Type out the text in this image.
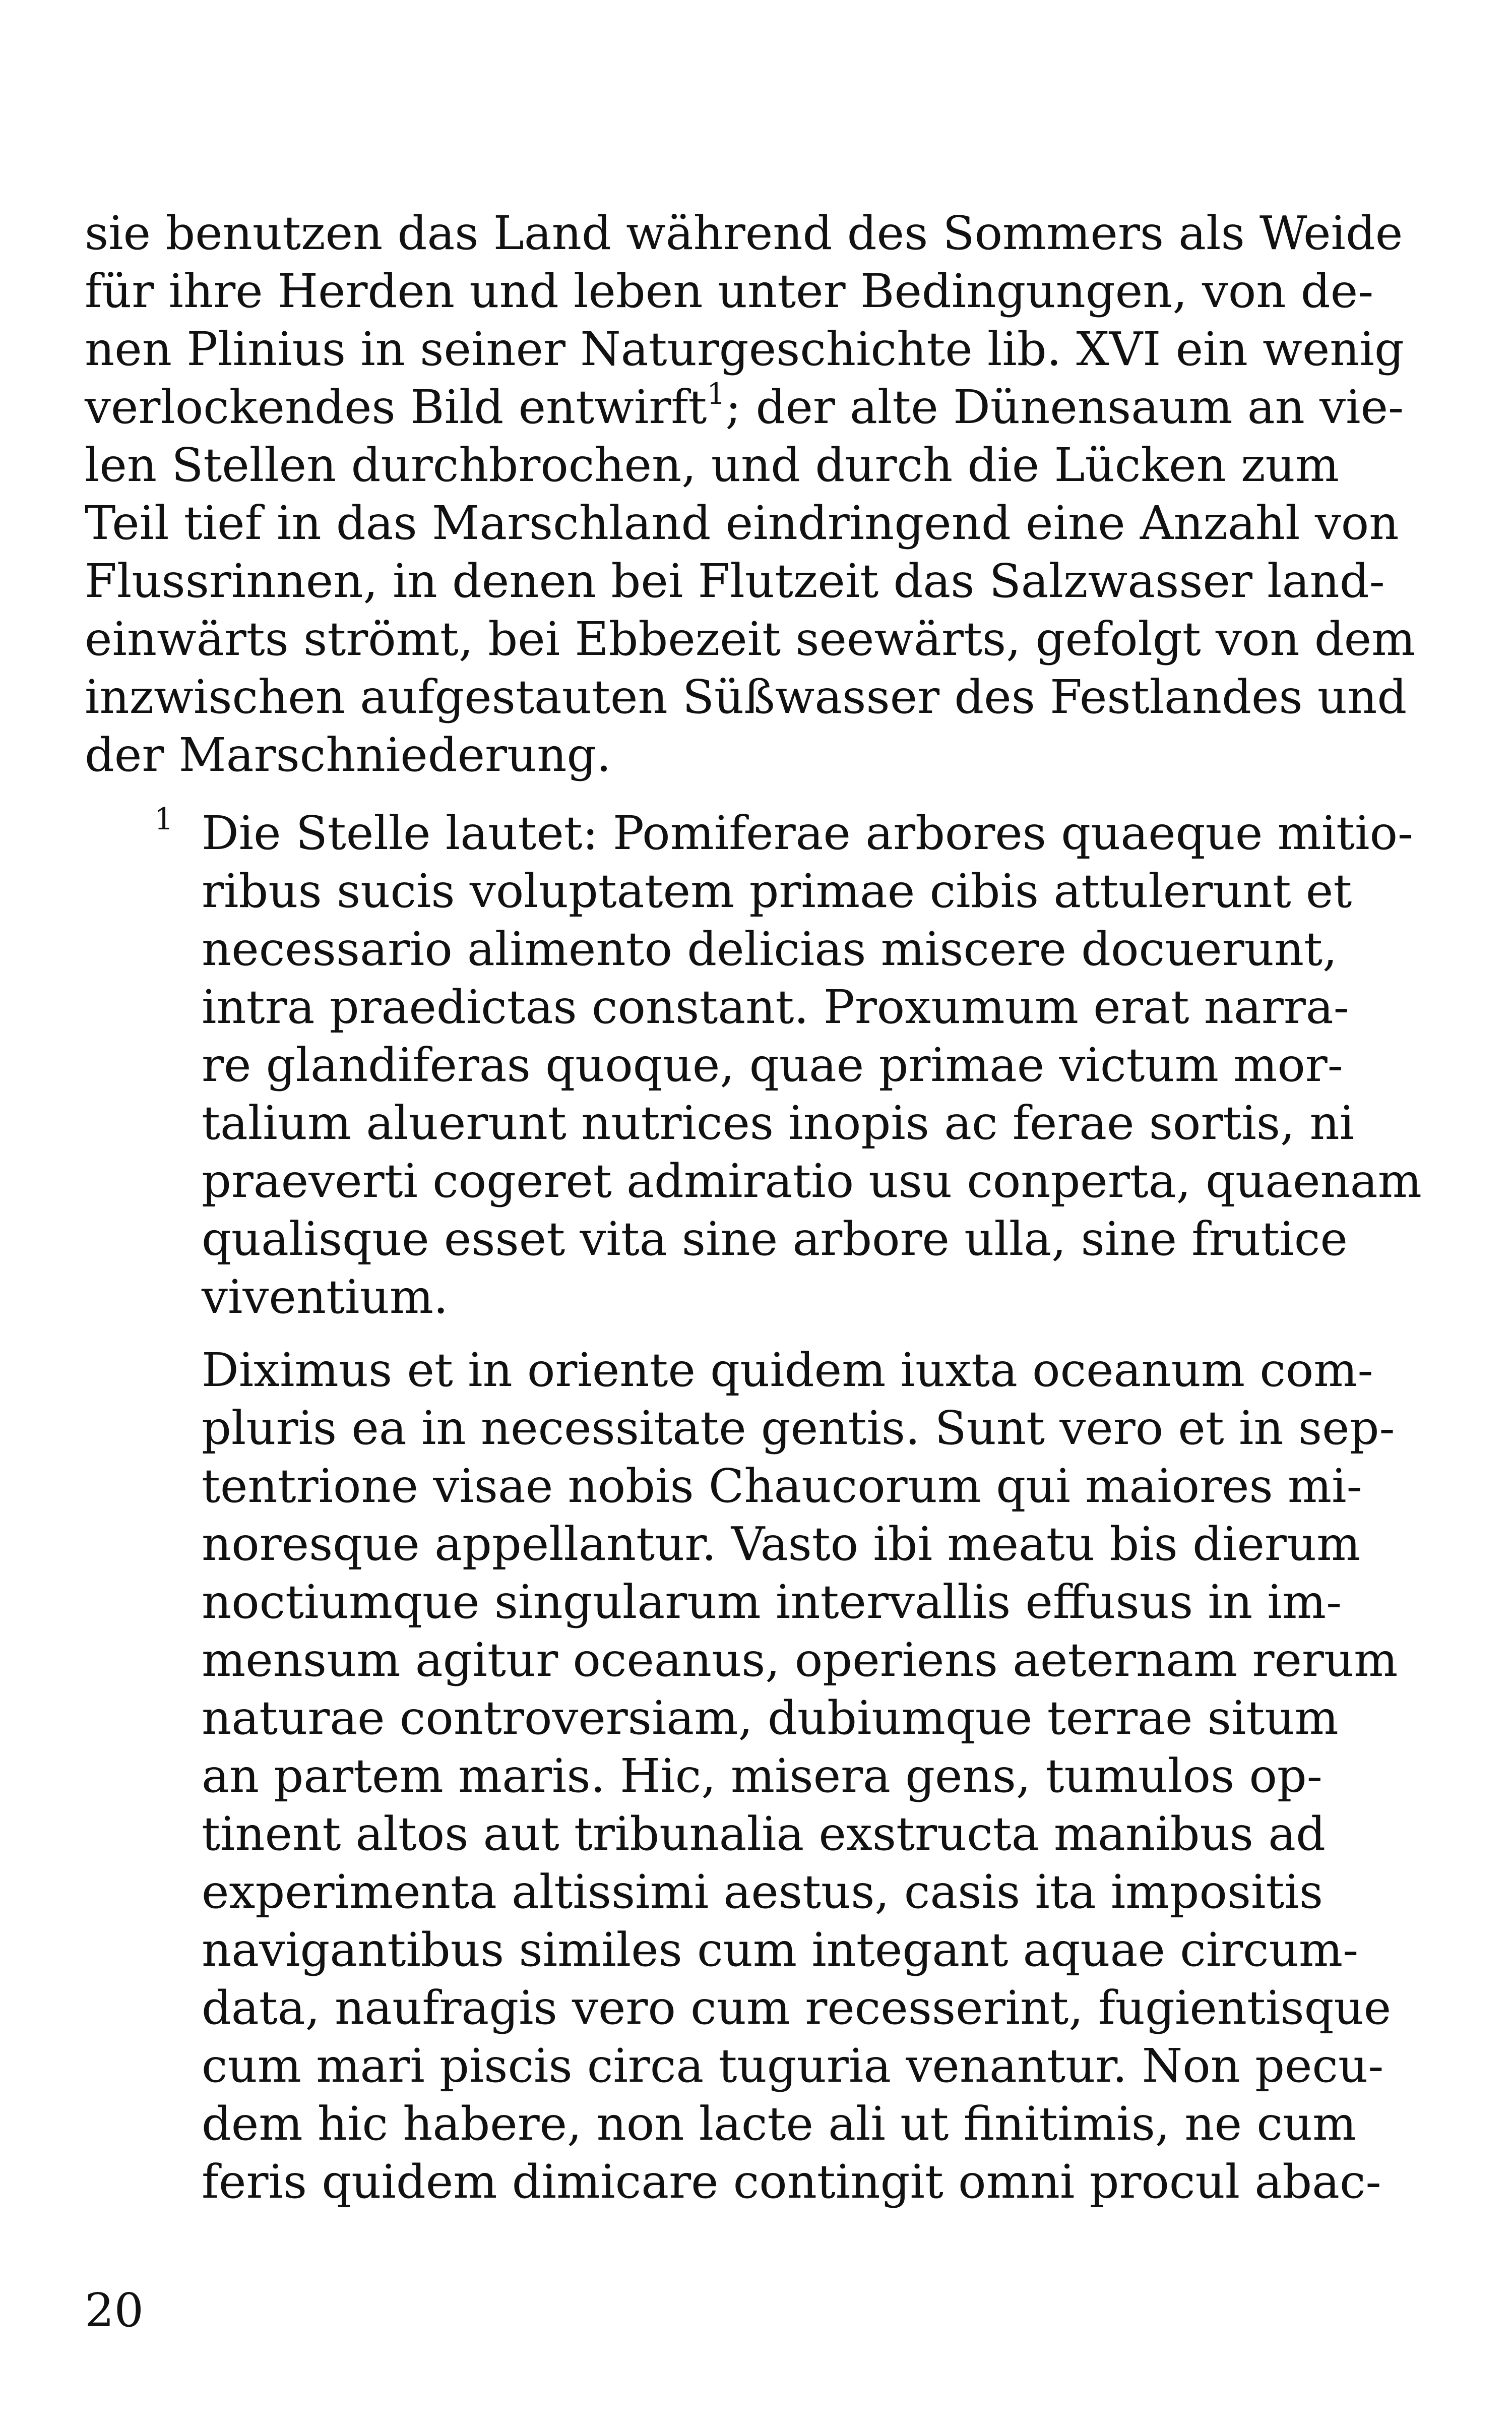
sie benutzen das Land während des Sommers als Weide
für ihre Herden und leben unter Bedingungen, von de-
nen Plinius in seiner Naturgeschichte lib. XVI ein wenig
verlockendes Bild entwirft$^1$; der alte Dünensaum an vie-
len Stellen durchbrochen, und durch die Lücken zum
Teil tief in das Marschland eindringend eine Anzahl von
Flussrinnen, in denen bei Flutzeit das Salzwasser land-
einwärts strömt, bei Ebbezeit seewärts, gefolgt von dem
inzwischen aufgestauten Süßwasser des Festlandes und
der Marschniederung.
1 Die Stelle lautet: Pomiferae arbores quaeque mitio-
ribus sucis voluptatem primae cibis attulerunt et
necessario alimento delicias miscere docuerunt,
intra praedictas constant. Proxumum erat narra-
re glandiferas quoque, quae primae victum mor-
talium aluerunt nutrices inopis ac ferae sortis, ni
praeverti cogeret admiratio usu conperta, quaenam
qualisque esset vita sine arbore ulla, sine frutice
viventium.
Diximus et in oriente quidem iuxta oceanum com-
pluris ea in necessitate gentis. Sunt vero et in sep-
tentrione visae nobis Chaucorum qui maiores mi-
noresque appellantur. Vasto ibi meatu bis dierum
noctiumque singularum intervallis effusus in im-
mensum agitur oceanus, operiens aeternam rerum
naturae controversiam, dubiumque terrae situm
an partem maris. Hic, misera gens, tumulos op-
tinent altos aut tribunalia exstructa manibus ad
experimenta altissimi aestus, casis ita impositis
navigantibus similes cum integant aquae circum-
data, naufragis vero cum recesserint, fugientisque
cum mari piscis circa tuguria venantur. Non pecu-
dem hic habere, non lacte ali ut finitimis, ne cum
feris quidem dimicare contingit omni procul abac-
20
